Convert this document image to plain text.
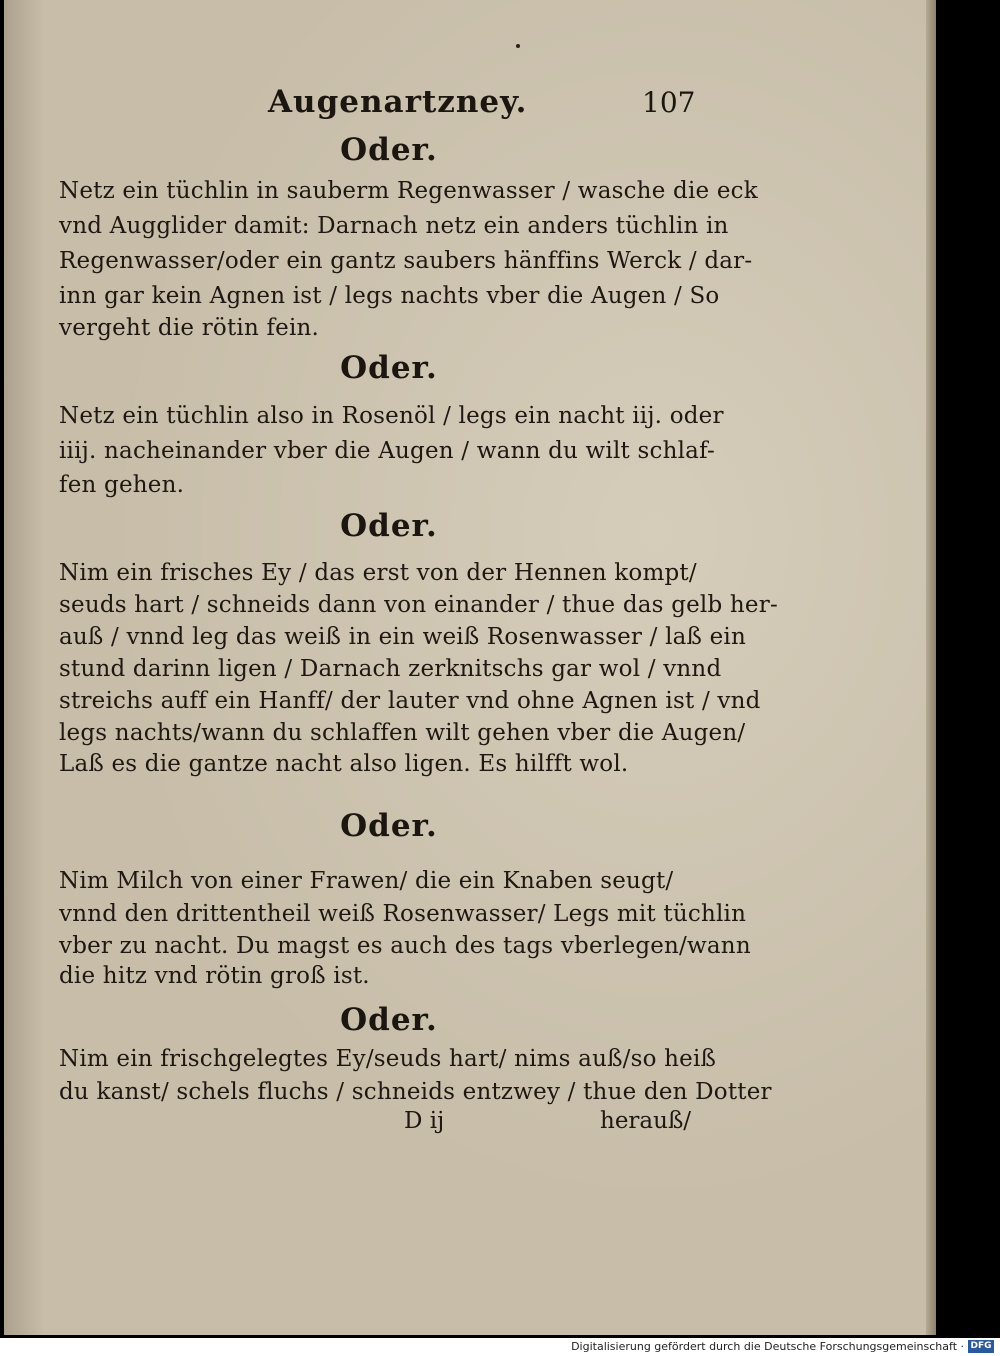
Augenartzney.	107
Oder.
Netz ein tüchlin in sauberm Regenwasser / wasche die eck
vnd Augglider damit: Darnach netz ein anders tüchlin in
Regenwasser/oder ein gantz saubers hänffins Werck / dar-
inn gar kein Agnen ist / legs nachts vber die Augen / So
vergeht die rötin fein.
Oder.
Netz ein tüchlin also in Rosenöl / legs ein nacht iij. oder
iiij. nacheinander vber die Augen / wann du wilt schlaf-
fen gehen.
Oder.
Nim ein frisches Ey / das erst von der Hennen kompt/
seuds hart / schneids dann von einander / thue das gelb her-
auß / vnnd leg das weiß in ein weiß Rosenwasser / laß ein
stund darinn ligen / Darnach zerknitschs gar wol / vnnd
streichs auff ein Hanff/ der lauter vnd ohne Agnen ist / vnd
legs nachts/wann du schlaffen wilt gehen vber die Augen/
Laß es die gantze nacht also ligen. Es hilfft wol.
Oder.
Nim Milch von einer Frawen/ die ein Knaben seugt/
vnnd den drittentheil weiß Rosenwasser/ Legs mit tüchlin
vber zu nacht. Du magst es auch des tags vberlegen/wann
die hitz vnd rötin groß ist.
Oder.
Nim ein frischgelegtes Ey/seuds hart/ nims auß/so heiß
du kanst/ schels fluchs / schneids entzwey / thue den Dotter
D ij	herauß/
Digitalisierung gefördert durch die Deutsche Forschungsgemeinschaft · DFG
